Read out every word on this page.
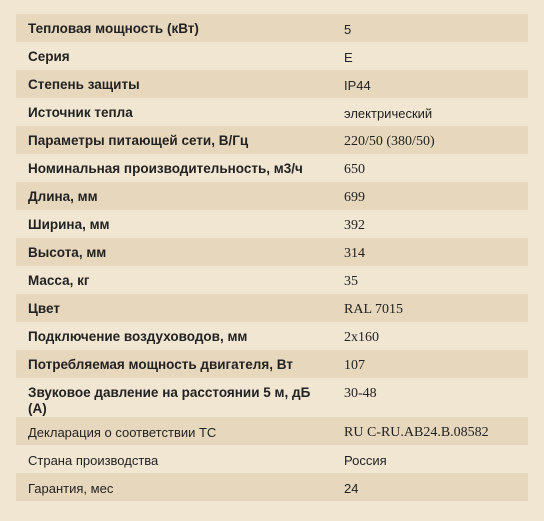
Тепловая мощность (кВт)	5
Серия	E
Степень защиты	IP44
Источник тепла	электрический
Параметры питающей сети, В/Гц	220/50 (380/50)
Номинальная производительность, м3/ч	650
Длина, мм	699
Ширина, мм	392
Высота, мм	314
Масса, кг	35
Цвет	RAL 7015
Подключение воздуховодов, мм	2х160
Потребляемая мощность двигателя, Вт	107
Звуковое давление на расстоянии 5 м, дБ (А)	30-48
Декларация о соответствии ТС	RU C-RU.AB24.B.08582
Страна производства	Россия
Гарантия, мес	24
